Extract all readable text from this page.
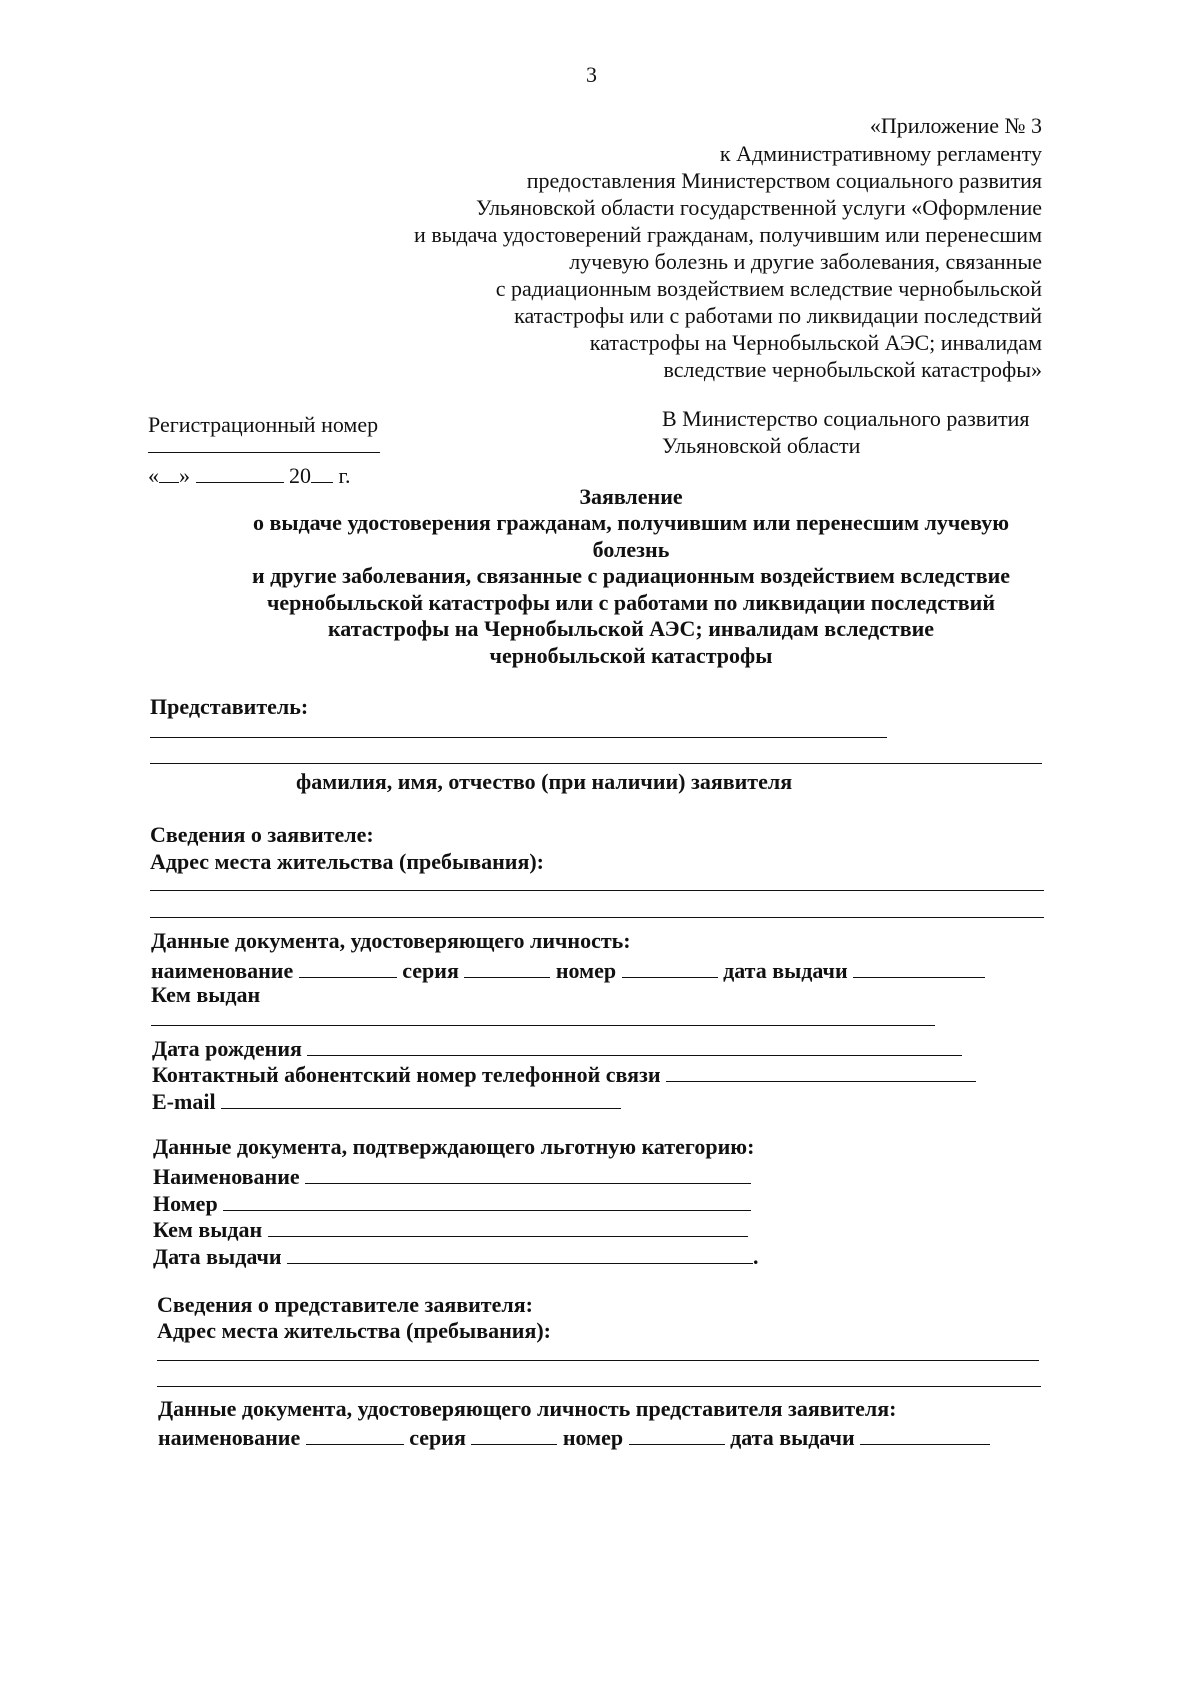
3
«Приложение № 3
к Административному регламенту
предоставления Министерством социального развития
Ульяновской области государственной услуги «Оформление
и выдача удостоверений гражданам, получившим или перенесшим
лучевую болезнь и другие заболевания, связанные
с радиационным воздействием вследствие чернобыльской
катастрофы или с работами по ликвидации последствий
катастрофы на Чернобыльской АЭС; инвалидам
вследствие чернобыльской катастрофы»
Регистрационный номер
« »	20 г.
В Министерство социального развития
Ульяновской области
Заявление
о выдаче удостоверения гражданам, получившим или перенесшим лучевую
болезнь
и другие заболевания, связанные с радиационным воздействием вследствие
чернобыльской катастрофы или с работами по ликвидации последствий
катастрофы на Чернобыльской АЭС; инвалидам вследствие
чернобыльской катастрофы
Представитель:
фамилия, имя, отчество (при наличии) заявителя
Сведения о заявителе:
Адрес места жительства (пребывания):
Данные документа, удостоверяющего личность:
наименование	серия	номер	дата выдачи
Кем выдан
Дата рождения
Контактный абонентский номер телефонной связи
E-mail
Данные документа, подтверждающего льготную категорию:
Наименование
Номер
Кем выдан
Дата выдачи	.
Сведения о представителе заявителя:
Адрес места жительства (пребывания):
Данные документа, удостоверяющего личность представителя заявителя:
наименование	серия	номер	дата выдачи
